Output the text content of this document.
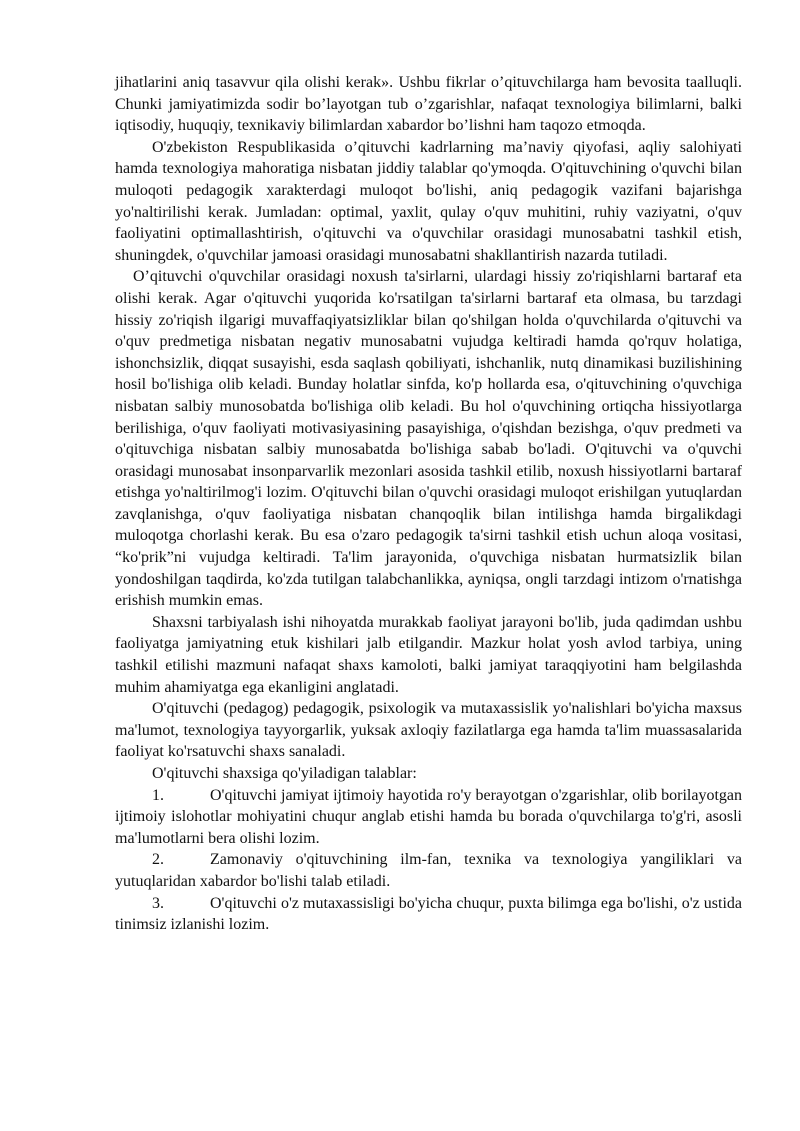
jihatlarini aniq tasavvur qila olishi kerak». Ushbu fikrlar o’qituvchilarga ham bevosita taalluqli. Chunki jamiyatimizda sodir bo’layotgan tub o’zgarishlar, nafaqat texnologiya bilimlarni, balki iqtisodiy, huquqiy, texnikaviy bilimlardan xabardor bo’lishni ham taqozo etmoqda.

O'zbekiston Respublikasida o’qituvchi kadrlarning ma’naviy qiyofasi, aqliy salohiyati hamda texnologiya mahoratiga nisbatan jiddiy talablar qo'ymoqda. O'qituvchining o'quvchi bilan muloqoti pedagogik xarakterdagi muloqot bo'lishi, aniq pedagogik vazifani bajarishga yo'naltirilishi kerak. Jumladan: optimal, yaxlit, qulay o'quv muhitini, ruhiy vaziyatni, o'quv faoliyatini optimallashtirish, o'qituvchi va o'quvchilar orasidagi munosabatni tashkil etish, shuningdek, o'quvchilar jamoasi orasidagi munosabatni shakllantirish nazarda tutiladi.

O’qituvchi o'quvchilar orasidagi noxush ta'sirlarni, ulardagi hissiy zo'riqishlarni bartaraf eta olishi kerak. Agar o'qituvchi yuqorida ko'rsatilgan ta'sirlarni bartaraf eta olmasa, bu tarzdagi hissiy zo'riqish ilgarigi muvaffaqiyatsizliklar bilan qo'shilgan holda o'quvchilarda o'qituvchi va o'quv predmetiga nisbatan negativ munosabatni vujudga keltiradi hamda qo'rquv holatiga, ishonchsizlik, diqqat susayishi, esda saqlash qobiliyati, ishchanlik, nutq dinamikasi buzilishining hosil bo'lishiga olib keladi. Bunday holatlar sinfda, ko'p hollarda esa, o'qituvchining o'quvchiga nisbatan salbiy munosobatda bo'lishiga olib keladi. Bu hol o'quvchining ortiqcha hissiyotlarga berilishiga, o'quv faoliyati motivasiyasining pasayishiga, o'qishdan bezishga, o'quv predmeti va o'qituvchiga nisbatan salbiy munosabatda bo'lishiga sabab bo'ladi. O'qituvchi va o'quvchi orasidagi munosabat insonparvarlik mezonlari asosida tashkil etilib, noxush hissiyotlarni bartaraf etishga yo'naltirilmog'i lozim. O'qituvchi bilan o'quvchi orasidagi muloqot erishilgan yutuqlardan zavqlanishga, o'quv faoliyatiga nisbatan chanqoqlik bilan intilishga hamda birgalikdagi muloqotga chorlashi kerak. Bu esa o'zaro pedagogik ta'sirni tashkil etish uchun aloqa vositasi, “ko'prik”ni vujudga keltiradi. Ta'lim jarayonida, o'quvchiga nisbatan hurmatsizlik bilan yondoshilgan taqdirda, ko'zda tutilgan talabchanlikka, ayniqsa, ongli tarzdagi intizom o'rnatishga erishish mumkin emas.

Shaxsni tarbiyalash ishi nihoyatda murakkab faoliyat jarayoni bo'lib, juda qadimdan ushbu faoliyatga jamiyatning etuk kishilari jalb etilgandir. Mazkur holat yosh avlod tarbiya, uning tashkil etilishi mazmuni nafaqat shaxs kamoloti, balki jamiyat taraqqiyotini ham belgilashda muhim ahamiyatga ega ekanligini anglatadi.

O'qituvchi (pedagog) pedagogik, psixologik va mutaxassislik yo'nalishlari bo'yicha maxsus ma'lumot, texnologiya tayyorgarlik, yuksak axloqiy fazilatlarga ega hamda ta'lim muassasalarida faoliyat ko'rsatuvchi shaxs sanaladi.

O'qituvchi shaxsiga qo'yiladigan talablar:

1.	O'qituvchi jamiyat ijtimoiy hayotida ro'y berayotgan o'zgarishlar, olib borilayotgan ijtimoiy islohotlar mohiyatini chuqur anglab etishi hamda bu borada o'quvchilarga to'g'ri, asosli ma'lumotlarni bera olishi lozim.

2.	Zamonaviy o'qituvchining ilm-fan, texnika va texnologiya yangiliklari va yutuqlaridan xabardor bo'lishi talab etiladi.

3.	O'qituvchi o'z mutaxassisligi bo'yicha chuqur, puxta bilimga ega bo'lishi, o'z ustida tinimsiz izlanishi lozim.
